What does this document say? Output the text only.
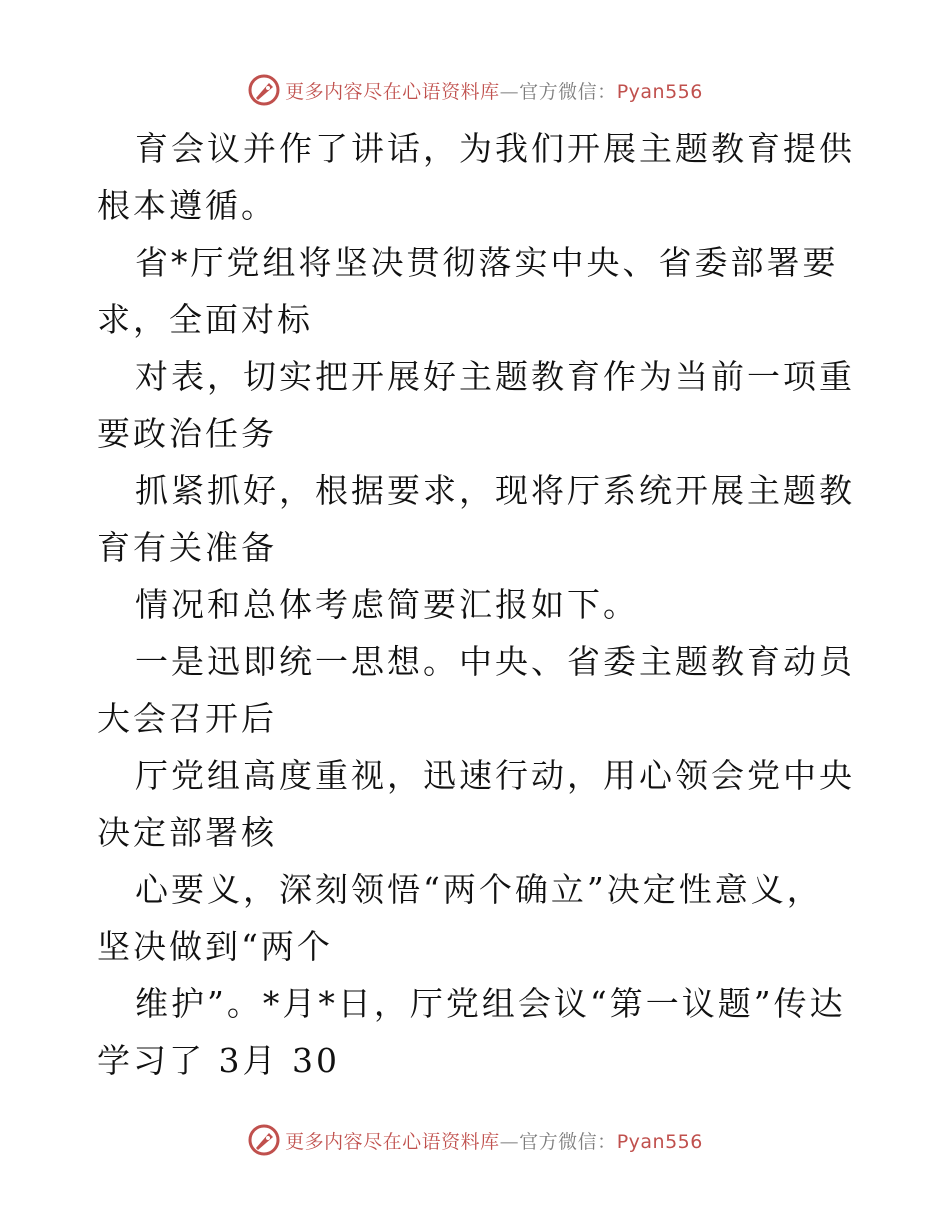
更多内容尽在心语资料库—官方微信：Pyan556

育会议并作了讲话，为我们开展主题教育提供根本遵循。

省*厅党组将坚决贯彻落实中央、省委部署要求，全面对标

对表，切实把开展好主题教育作为当前一项重要政治任务

抓紧抓好，根据要求，现将厅系统开展主题教育有关准备

情况和总体考虑简要汇报如下。

一是迅即统一思想。中央、省委主题教育动员大会召开后

厅党组高度重视，迅速行动，用心领会党中央决定部署核

心要义，深刻领悟“两个确立”决定性意义，坚决做到“两个

维护”。*月*日，厅党组会议“第一议题”传达学习了 3月 30

更多内容尽在心语资料库—官方微信：Pyan556
